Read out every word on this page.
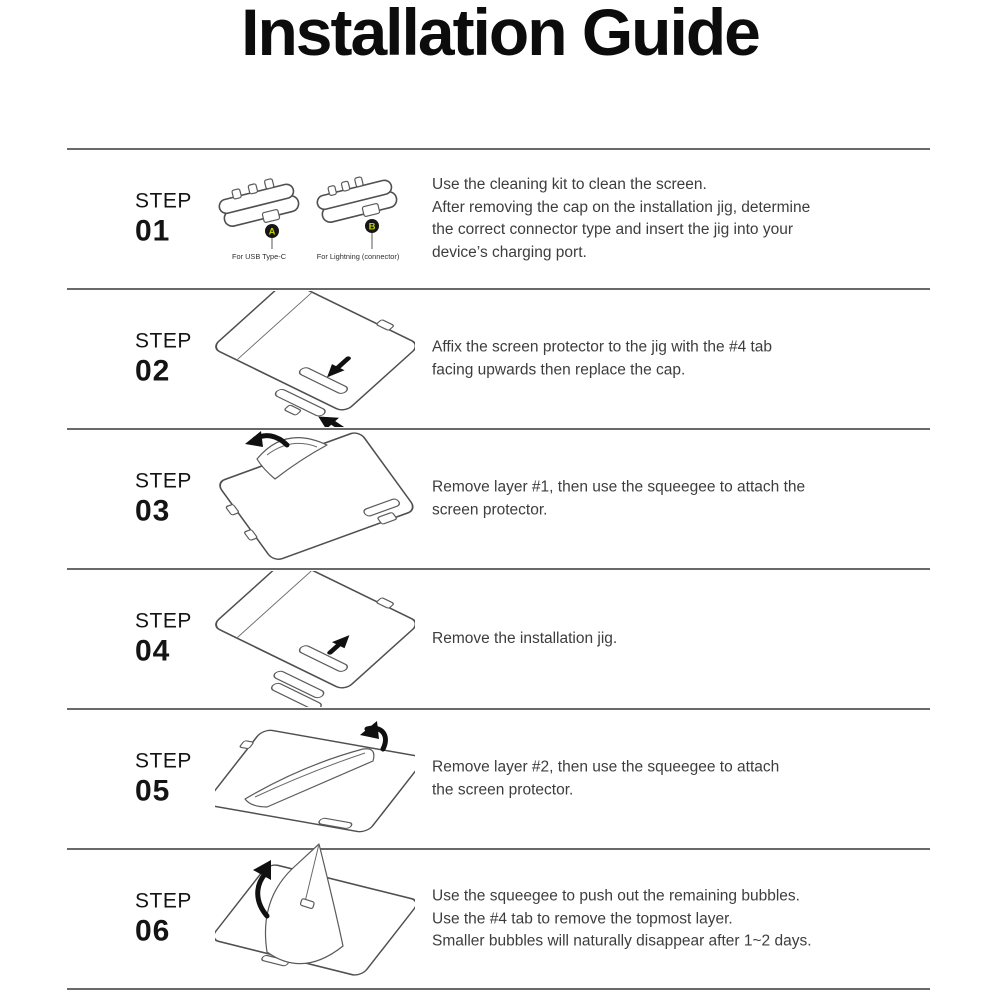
Installation Guide
STEP
01	A
For USB Type-C
B
For Lightning (connector)
Use the cleaning kit to clean the screen.
After removing the cap on the installation jig, determine
the correct connector type and insert the jig into your
device’s charging port.
STEP
02
Affix the screen protector to the jig with the #4 tab
facing upwards then replace the cap.
STEP
03
Remove layer #1, then use the squeegee to attach the
screen protector.
STEP
04	Remove the installation jig.
STEP
05
Remove layer #2, then use the squeegee to attach
the screen protector.
STEP
06
Use the squeegee to push out the remaining bubbles.
Use the #4 tab to remove the topmost layer.
Smaller bubbles will naturally disappear after 1~2 days.
